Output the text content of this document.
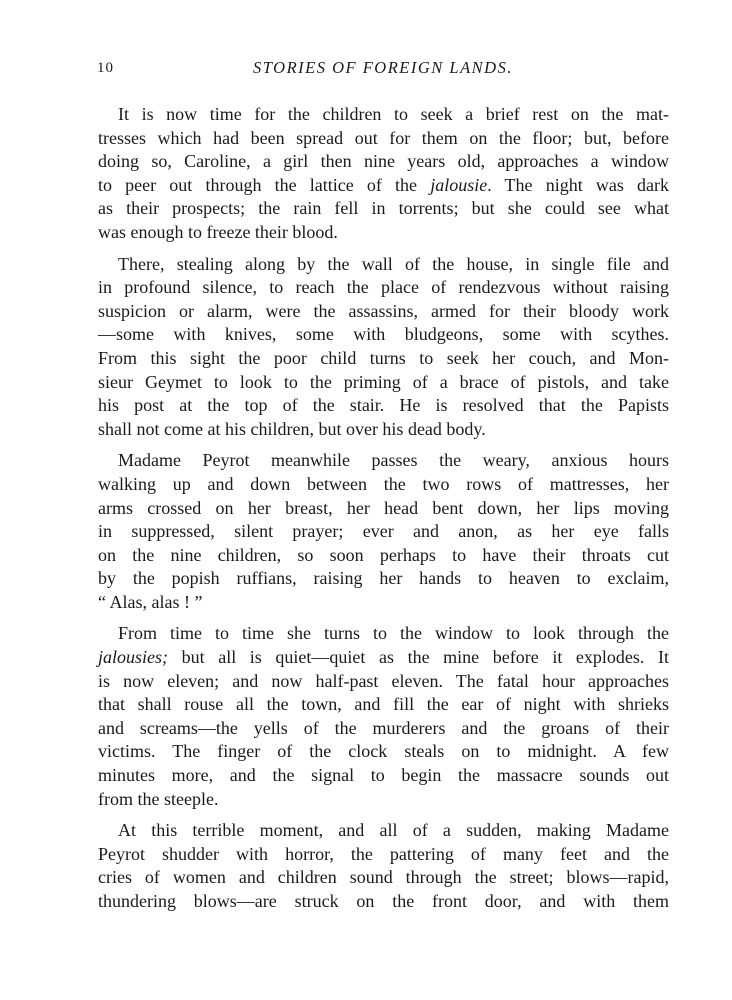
10	STORIES OF FOREIGN LANDS.
It is now time for the children to seek a brief rest on the mat-
tresses which had been spread out for them on the floor; but, before
doing so, Caroline, a girl then nine years old, approaches a window
to peer out through the lattice of the jalousie. The night was dark
as their prospects; the rain fell in torrents; but she could see what
was enough to freeze their blood.
There, stealing along by the wall of the house, in single file and
in profound silence, to reach the place of rendezvous without raising
suspicion or alarm, were the assassins, armed for their bloody work
—some with knives, some with bludgeons, some with scythes.
From this sight the poor child turns to seek her couch, and Mon-
sieur Geymet to look to the priming of a brace of pistols, and take
his post at the top of the stair. He is resolved that the Papists
shall not come at his children, but over his dead body.
Madame Peyrot meanwhile passes the weary, anxious hours
walking up and down between the two rows of mattresses, her
arms crossed on her breast, her head bent down, her lips moving
in suppressed, silent prayer; ever and anon, as her eye falls
on the nine children, so soon perhaps to have their throats cut
by the popish ruffians, raising her hands to heaven to exclaim,
“ Alas, alas ! ”
From time to time she turns to the window to look through the
jalousies; but all is quiet—quiet as the mine before it explodes. It
is now eleven; and now half-past eleven. The fatal hour approaches
that shall rouse all the town, and fill the ear of night with shrieks
and screams—the yells of the murderers and the groans of their
victims. The finger of the clock steals on to midnight. A few
minutes more, and the signal to begin the massacre sounds out
from the steeple.
At this terrible moment, and all of a sudden, making Madame
Peyrot shudder with horror, the pattering of many feet and the
cries of women and children sound through the street; blows—rapid,
thundering blows—are struck on the front door, and with them
